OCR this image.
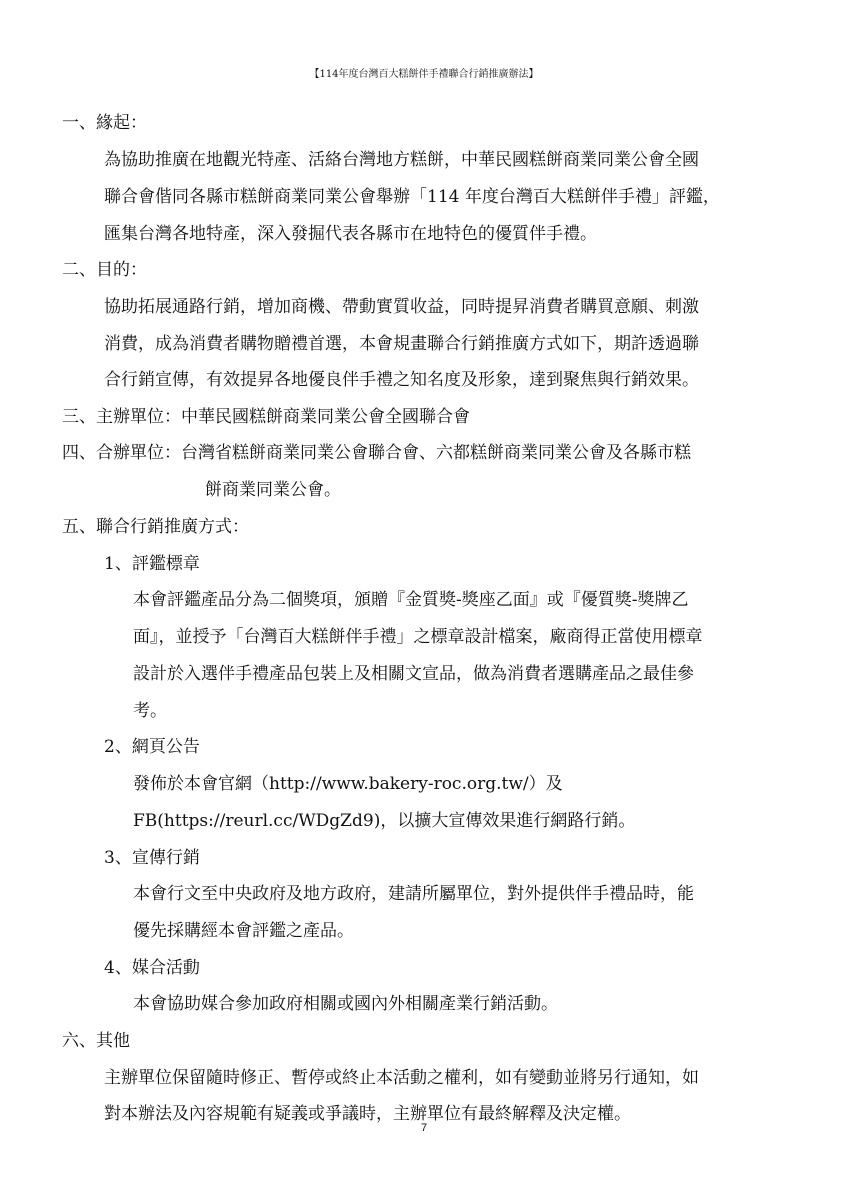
【114年度台灣百大糕餅伴手禮聯合行銷推廣辦法】
一、緣起：
為協助推廣在地觀光特產、活絡台灣地方糕餅，中華民國糕餅商業同業公會全國
聯合會偕同各縣市糕餅商業同業公會舉辦「114 年度台灣百大糕餅伴手禮」評鑑，
匯集台灣各地特產，深入發掘代表各縣市在地特色的優質伴手禮。
二、目的：
協助拓展通路行銷，增加商機、帶動實質收益，同時提昇消費者購買意願、刺激
消費，成為消費者購物贈禮首選，本會規畫聯合行銷推廣方式如下，期許透過聯
合行銷宣傳，有效提昇各地優良伴手禮之知名度及形象，達到聚焦與行銷效果。
三、主辦單位：中華民國糕餅商業同業公會全國聯合會
四、合辦單位：台灣省糕餅商業同業公會聯合會、六都糕餅商業同業公會及各縣市糕
餅商業同業公會。
五、聯合行銷推廣方式：
1、評鑑標章
本會評鑑產品分為二個獎項，頒贈『金質獎-獎座乙面』或『優質獎-獎牌乙
面』，並授予「台灣百大糕餅伴手禮」之標章設計檔案，廠商得正當使用標章
設計於入選伴手禮產品包裝上及相關文宣品，做為消費者選購產品之最佳參
考。
2、網頁公告
發佈於本會官網（http://www.bakery-roc.org.tw/）及
FB(https://reurl.cc/WDgZd9)，以擴大宣傳效果進行網路行銷。
3、宣傳行銷
本會行文至中央政府及地方政府，建請所屬單位，對外提供伴手禮品時，能
優先採購經本會評鑑之產品。
4、媒合活動
本會協助媒合參加政府相關或國內外相關產業行銷活動。
六、其他
主辦單位保留隨時修正、暫停或終止本活動之權利，如有變動並將另行通知，如
對本辦法及內容規範有疑義或爭議時，主辦單位有最終解釋及決定權。
7
